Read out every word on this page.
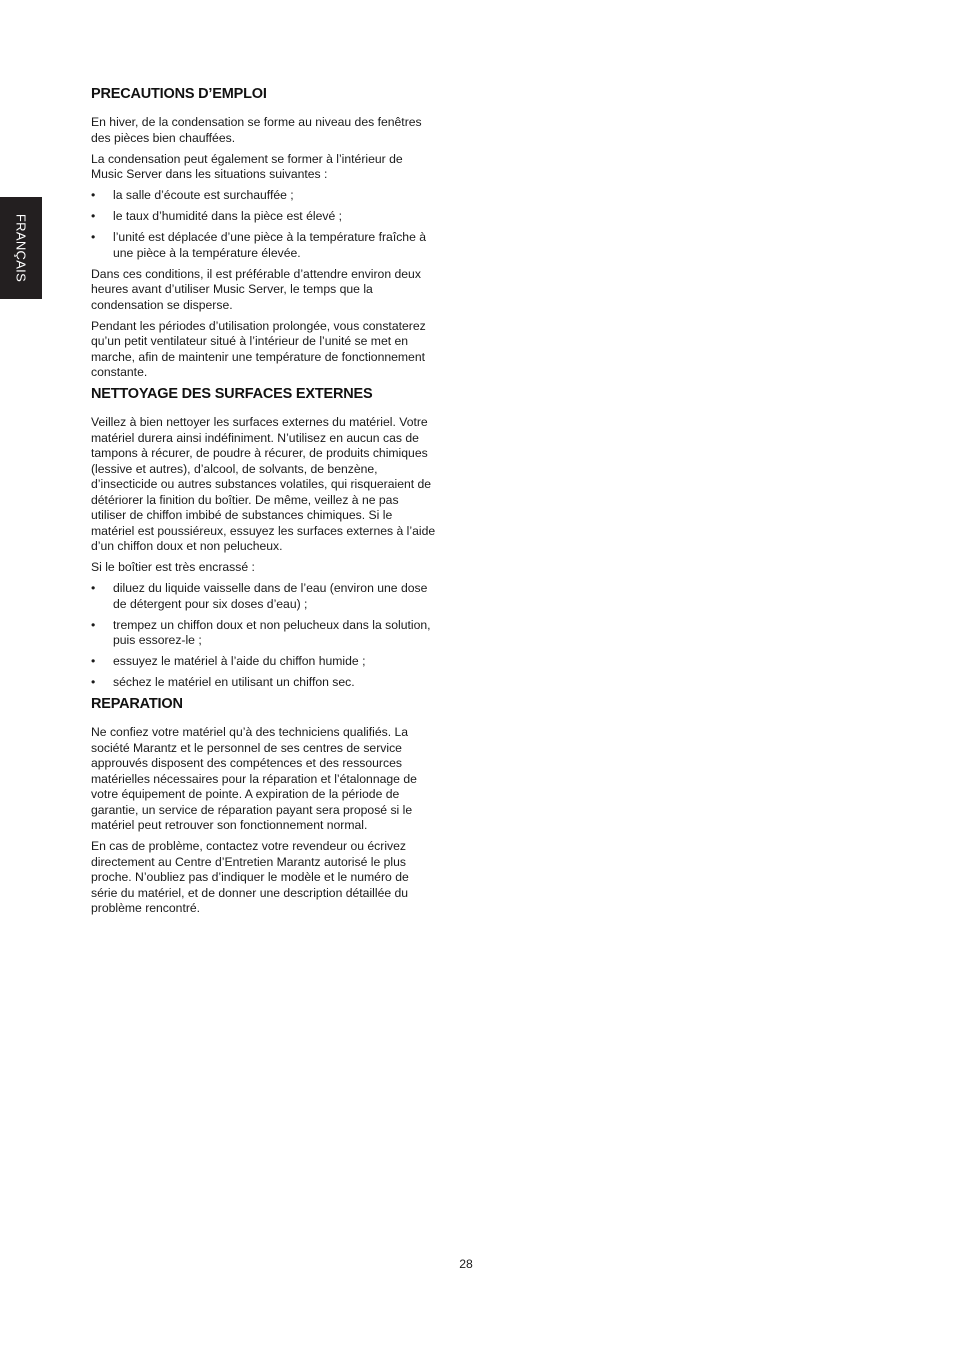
FRANÇAIS
PRECAUTIONS D’EMPLOI

En hiver, de la condensation se forme au niveau des fenêtres des pièces bien chauffées.

La condensation peut également se former à l’intérieur de Music Server dans les situations suivantes :

• la salle d’écoute est surchauffée ;
• le taux d’humidité dans la pièce est élevé ;
• l’unité est déplacée d’une pièce à la température fraîche à une pièce à la température élevée.

Dans ces conditions, il est préférable d’attendre environ deux heures avant d’utiliser Music Server, le temps que la condensation se disperse.

Pendant les périodes d’utilisation prolongée, vous constaterez qu’un petit ventilateur situé à l’intérieur de l’unité se met en marche, afin de maintenir une température de fonctionnement constante.

NETTOYAGE DES SURFACES EXTERNES

Veillez à bien nettoyer les surfaces externes du matériel. Votre matériel durera ainsi indéfiniment. N’utilisez en aucun cas de tampons à récurer, de poudre à récurer, de produits chimiques (lessive et autres), d’alcool, de solvants, de benzène, d’insecticide ou autres substances volatiles, qui risqueraient de détériorer la finition du boîtier. De même, veillez à ne pas utiliser de chiffon imbibé de substances chimiques. Si le matériel est poussiéreux, essuyez les surfaces externes à l’aide d’un chiffon doux et non pelucheux.

Si le boîtier est très encrassé :

• diluez du liquide vaisselle dans de l’eau (environ une dose de détergent pour six doses d’eau) ;
• trempez un chiffon doux et non pelucheux dans la solution, puis essorez-le ;
• essuyez le matériel à l’aide du chiffon humide ;
• séchez le matériel en utilisant un chiffon sec.
REPARATION

Ne confiez votre matériel qu’à des techniciens qualifiés. La société Marantz et le personnel de ses centres de service approuvés disposent des compétences et des ressources matérielles nécessaires pour la réparation et l’étalonnage de votre équipement de pointe. A expiration de la période de garantie, un service de réparation payant sera proposé si le matériel peut retrouver son fonctionnement normal.

En cas de problème, contactez votre revendeur ou écrivez directement au Centre d’Entretien Marantz autorisé le plus proche. N’oubliez pas d’indiquer le modèle et le numéro de série du matériel, et de donner une description détaillée du problème rencontré.

28
